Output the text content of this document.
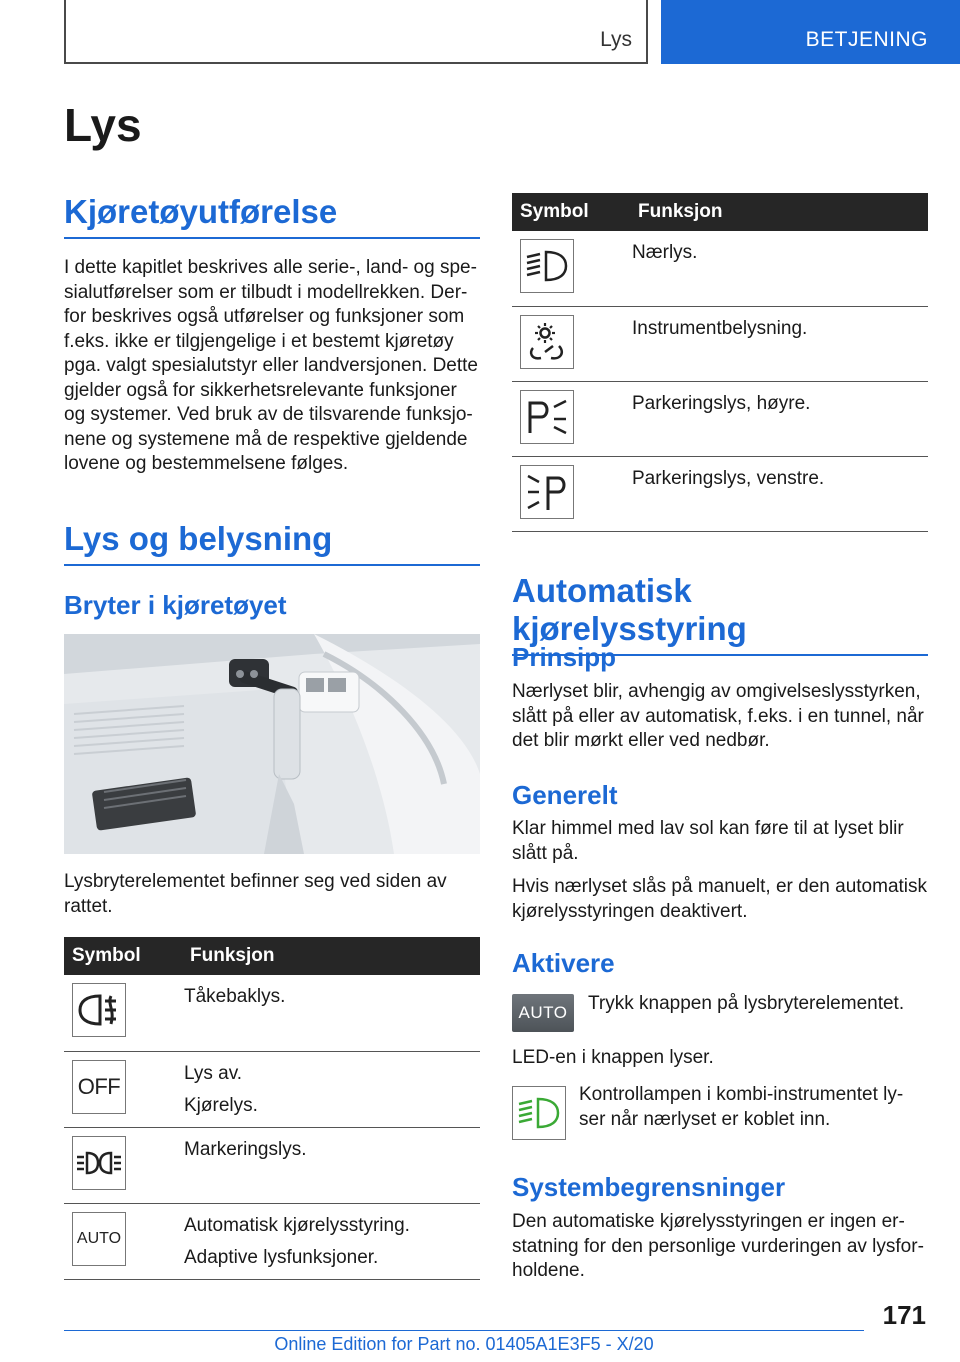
Lys	BETJENING
Lys
Kjøretøyutførelse

I dette kapitlet beskrives alle serie-, land- og spe-
sialutførelser som er tilbudt i modellrekken. Der-
for beskrives også utførelser og funksjoner som
f.eks. ikke er tilgjengelige i et bestemt kjøretøy
pga. valgt spesialutstyr eller landversjonen. Dette
gjelder også for sikkerhetsrelevante funksjoner
og systemer. Ved bruk av de tilsvarende funksjo-
nene og systemene må de respektive gjeldende
lovene og bestemmelsene følges.

Lys og belysning
Bryter i kjøretøyet

Lysbryterelementet befinner seg ved siden av
rattet.

Symbol	Funksjon

Tåkebaklys.

OFF	Lys av.
Kjørelys.

Markeringslys.

AUTO	Automatisk kjørelysstyring.
Adaptive lysfunksjoner.
Symbol	Funksjon

Nærlys.

Instrumentbelysning.

Parkeringslys, høyre.

Parkeringslys, venstre.
Automatisk kjørelysstyring
Prinsipp

Nærlyset blir, avhengig av omgivelseslysstyrken,
slått på eller av automatisk, f.eks. i en tunnel, når
det blir mørkt eller ved nedbør.

Generelt

Klar himmel med lav sol kan føre til at lyset blir
slått på.

Hvis nærlyset slås på manuelt, er den automatisk
kjørelysstyringen deaktivert.

Aktivere
AUTO Trykk knappen på lysbryterelementet.

LED-en i knappen lyser.

Kontrollampen i kombi-instrumentet ly-
ser når nærlyset er koblet inn.

Systembegrensninger

Den automatiske kjørelysstyringen er ingen er-
statning for den personlige vurderingen av lysfor-
holdene.

171
Online Edition for Part no. 01405A1E3F5 - X/20
